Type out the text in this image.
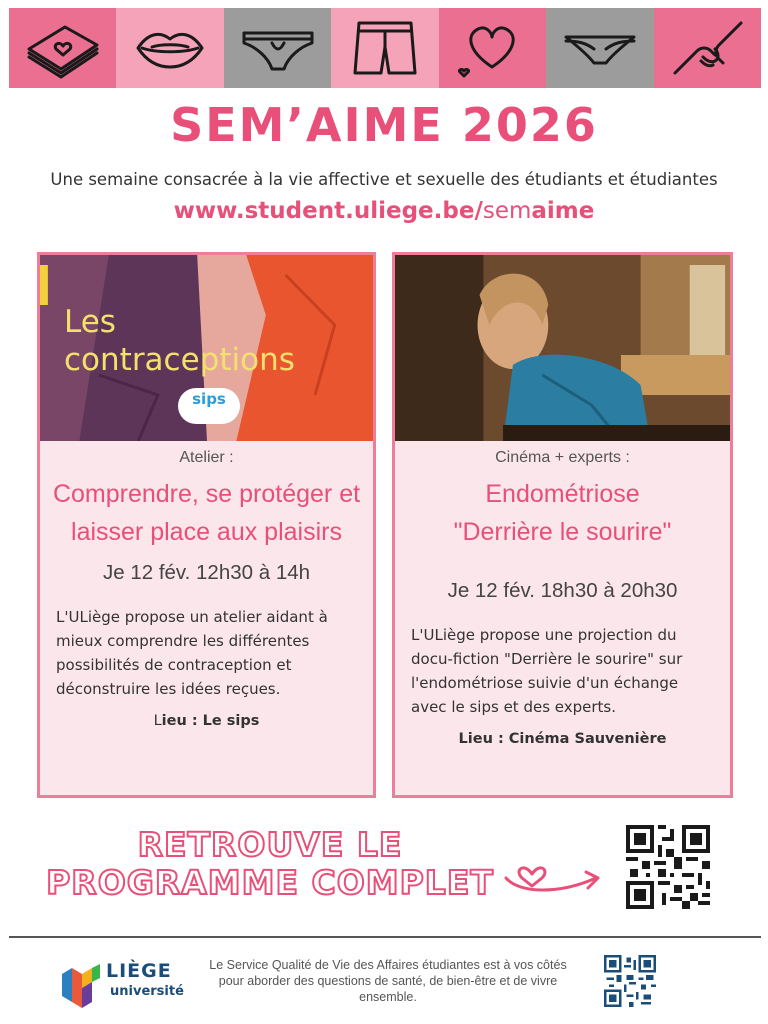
SEM’AIME 2026
Une semaine consacrée à la vie affective et sexuelle des étudiants et étudiantes
www.student.uliege.be/semaime
Les
contraceptions
sips
Atelier :
Comprendre, se protéger et laisser place aux plaisirs
Je 12 fév. 12h30 à 14h
L'ULiège propose un atelier aidant à mieux comprendre les différentes possibilités de contraception et déconstruire les idées reçues.
Lieu : Le sips
Cinéma + experts :
Endométriose
"Derrière le sourire"
Je 12 fév. 18h30 à 20h30
L'ULiège propose une projection du docu-fiction "Derrière le sourire" sur l'endométriose suivie d'un échange avec le sips et des experts.
Lieu : Cinéma Sauvenière
RETROUVE LE
PROGRAMME COMPLET
LIÈGE
université
Le Service Qualité de Vie des Affaires étudiantes est à vos côtés pour aborder des questions de santé, de bien-être et de vivre ensemble.
